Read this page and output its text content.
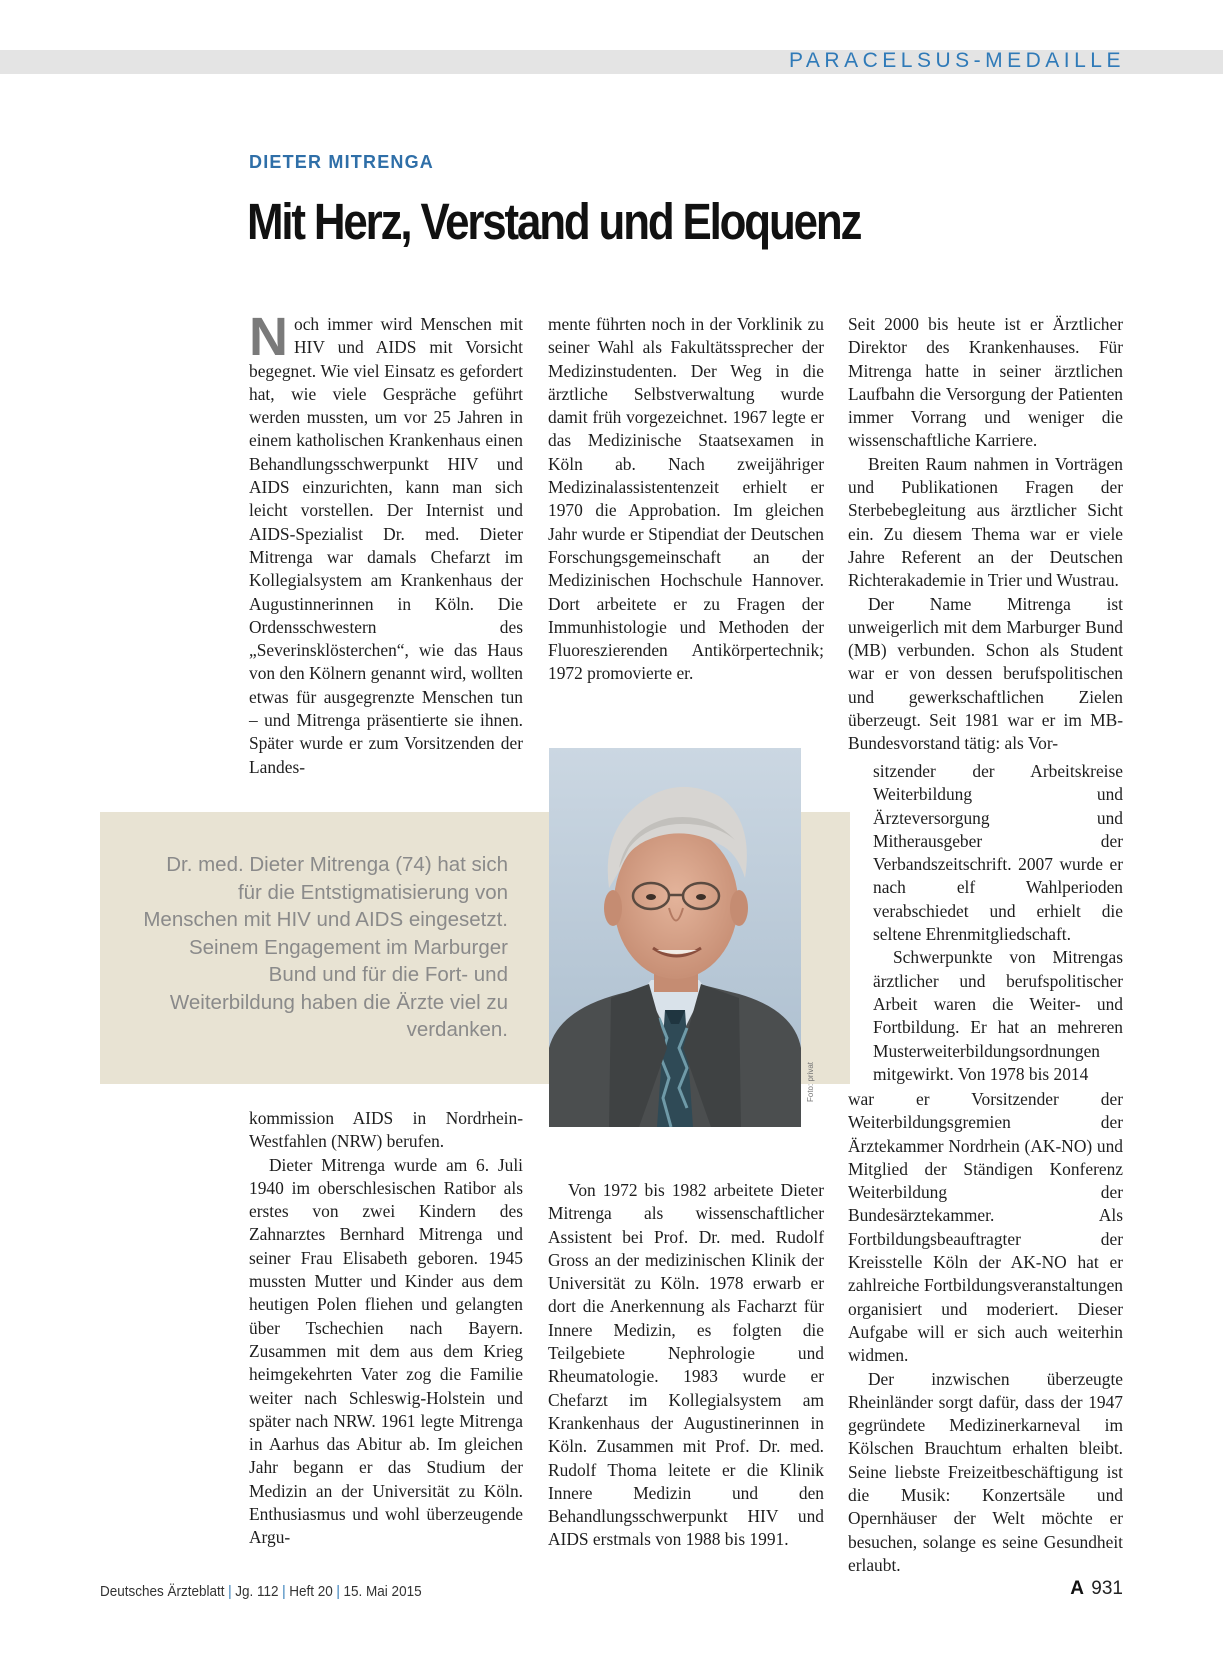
PARACELSUS-MEDAILLE
DIETER MITRENGA
Mit Herz, Verstand und Eloquenz

Noch immer wird Menschen mit HIV und AIDS mit Vorsicht begegnet. Wie viel Einsatz es gefordert hat, wie viele Gespräche geführt werden mussten, um vor 25 Jahren in einem katholischen Krankenhaus einen Behandlungsschwerpunkt HIV und AIDS einzurichten, kann man sich leicht vorstellen. Der Internist und AIDS-Spezialist Dr. med. Dieter Mitrenga war damals Chefarzt im Kollegialsystem am Krankenhaus der Augustinnerinnen in Köln. Die Ordensschwestern des „Severinsklösterchen“, wie das Haus von den Kölnern genannt wird, wollten etwas für ausgegrenzte Menschen tun – und Mitrenga präsentierte sie ihnen. Später wurde er zum Vorsitzenden der Landes-

Dr. med. Dieter Mitrenga (74) hat sich für die Entstigmatisierung von Menschen mit HIV und AIDS eingesetzt. Seinem Engagement im Marburger Bund und für die Fort- und Weiterbildung haben die Ärzte viel zu verdanken.

kommission AIDS in Nordrhein-Westfahlen (NRW) berufen.

Dieter Mitrenga wurde am 6. Juli 1940 im oberschlesischen Ratibor als erstes von zwei Kindern des Zahnarztes Bernhard Mitrenga und seiner Frau Elisabeth geboren. 1945 mussten Mutter und Kinder aus dem heutigen Polen fliehen und gelangten über Tschechien nach Bayern. Zusammen mit dem aus dem Krieg heimgekehrten Vater zog die Familie weiter nach Schleswig-Holstein und später nach NRW. 1961 legte Mitrenga in Aarhus das Abitur ab. Im gleichen Jahr begann er das Studium der Medizin an der Universität zu Köln. Enthusiasmus und wohl überzeugende Argu-

mente führten noch in der Vorklinik zu seiner Wahl als Fakultätssprecher der Medizinstudenten. Der Weg in die ärztliche Selbstverwaltung wurde damit früh vorgezeichnet. 1967 legte er das Medizinische Staatsexamen in Köln ab. Nach zweijähriger Medizinalassistentenzeit erhielt er 1970 die Approbation. Im gleichen Jahr wurde er Stipendiat der Deutschen Forschungsgemeinschaft an der Medizinischen Hochschule Hannover. Dort arbeitete er zu Fragen der Immunhistologie und Methoden der Fluoreszierenden Antikörpertechnik; 1972 promovierte er.

Foto: privat

Von 1972 bis 1982 arbeitete Dieter Mitrenga als wissenschaftlicher Assistent bei Prof. Dr. med. Rudolf Gross an der medizinischen Klinik der Universität zu Köln. 1978 erwarb er dort die Anerkennung als Facharzt für Innere Medizin, es folgten die Teilgebiete Nephrologie und Rheumatologie. 1983 wurde er Chefarzt im Kollegialsystem am Krankenhaus der Augustinerinnen in Köln. Zusammen mit Prof. Dr. med. Rudolf Thoma leitete er die Klinik Innere Medizin und den Behandlungsschwerpunkt HIV und AIDS erstmals von 1988 bis 1991.

Seit 2000 bis heute ist er Ärztlicher Direktor des Krankenhauses. Für Mitrenga hatte in seiner ärztlichen Laufbahn die Versorgung der Patienten immer Vorrang und weniger die wissenschaftliche Karriere.

Breiten Raum nahmen in Vorträgen und Publikationen Fragen der Sterbebegleitung aus ärztlicher Sicht ein. Zu diesem Thema war er viele Jahre Referent an der Deutschen Richterakademie in Trier und Wustrau.

Der Name Mitrenga ist unweigerlich mit dem Marburger Bund (MB) verbunden. Schon als Student war er von dessen berufspolitischen und gewerkschaftlichen Zielen überzeugt. Seit 1981 war er im MB-Bundesvorstand tätig: als Vor-

sitzender der Arbeitskreise Weiterbildung und Ärzteversorgung und Mitherausgeber der Verbandszeitschrift. 2007 wurde er nach elf Wahlperioden verabschiedet und erhielt die seltene Ehrenmitgliedschaft.

Schwerpunkte von Mitrengas ärztlicher und berufspolitischer Arbeit waren die Weiter- und Fortbildung. Er hat an mehreren Musterweiterbildungsordnungen mitgewirkt. Von 1978 bis 2014

war er Vorsitzender der Weiterbildungsgremien der Ärztekammer Nordrhein (AK-NO) und Mitglied der Ständigen Konferenz Weiterbildung der Bundesärztekammer. Als Fortbildungsbeauftragter der Kreisstelle Köln der AK-NO hat er zahlreiche Fortbildungsveranstaltungen organisiert und moderiert. Dieser Aufgabe will er sich auch weiterhin widmen.

Der inzwischen überzeugte Rheinländer sorgt dafür, dass der 1947 gegründete Medizinerkarneval im Kölschen Brauchtum erhalten bleibt. Seine liebste Freizeitbeschäftigung ist die Musik: Konzertsäle und Opernhäuser der Welt möchte er besuchen, solange es seine Gesundheit erlaubt.

Deutsches Ärzteblatt | Jg. 112 | Heft 20 | 15. Mai 2015	A 931
